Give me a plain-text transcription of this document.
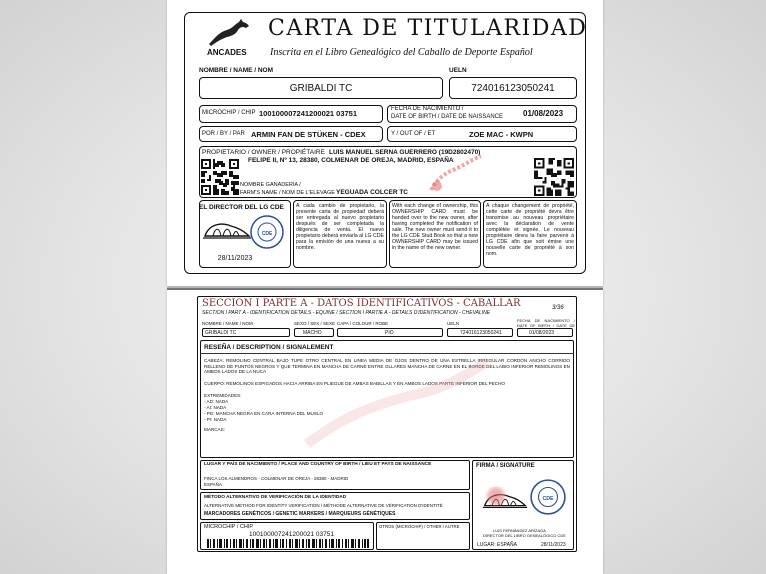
ANCADES
CARTA DE TITULARIDAD
Inscrita en el Libro Genealógico del Caballo de Deporte Español
NOMBRE / NAME / NOM
GRIBALDI TC
UELN
724016123050241
MICROCHIP / CHIP 100100007241200021 03751	FECHA DE NACIMIENTO /
DATE OF BIRTH / DATE DE NAISSANCE 01/08/2023
POR / BY / PAR ARMIN FAN DE STÜKEN - CDEX	Y / OUT OF / ET	ZOE MAC - KWPN
PROPIETARIO / OWNER / PROPIÉTAIRE LUIS MANUEL SERNA GUERRERO (19D2802470)
FELIPE II, Nº 13, 28380, COLMENAR DE OREJA, MADRID, ESPAÑA
NOMBRE GANADERÍA /
FARM'S NAME / NOM DE L'ELEVAGE YEGUADA COLCER TC
EL DIRECTOR DEL LG CDE
CDE
28/11/2023
A cada cambio de propietario, la presente carta de propiedad deberá ser entregada al nuevo propietario después de ser completada la diligencia de venta. El nuevo propietario deberá enviarla al LG CDE para la emisión de una nueva a su nombre.
With each change of ownership, this OWNERSHIP CARD must be handed over to the new owner, after having completed the notification of sale. The new owner must send it to the LG CDE Stud Book so that a new OWNERSHIP CARD may be issued in the name of the new owner.
A chaque changement de propriété, cette carte de propriété devra être transmise au nouveau propriétaire avec la déclaration de vente complétée et signée. Le nouveau propriétaire devra la faire parvenir à LG CDE afin que soit émise une nouvelle carte de propriété à son nom.
SECCION I PARTE A - DATOS IDENTIFICATIVOS - CABALLAR	3/36
SECTION I PART A - IDENTIFICATION DETAILS - EQUINE / SECTION I PARTIE A - DÉTAILS D'IDENTIFICATION - CHEVALINE
NOMBRE / NAME / NOM
GRIBALDI TC
SEXO / SEX / SEXE
MACHO
CAPA / COLOUR / ROBE
PIO
UELN
724016123050241
FECHA DE NACIMIENTO / DATE OF BIRTH / DATE DE
01/08/2023
RESEÑA / DESCRIPTION / SIGNALEMENT
CABEZA: REMOLINO CENTRAL BAJO TUPE OTRO CENTRAL EN LINEA MEDIA DE OJOS DENTRO DE UNA ESTRELLA IRREGULAR CORDON ANCHO CORRIDO RELLENO DE PUNTOS NEGROS Y QUE TERMINA EN MANCHA DE CARNE ENTRE OLLARES MANCHA DE CARNE EN EL BORDE DEL LABIO INFERIOR REMOLINOS EN AMBOS LADOS DE LA NUCA
CUERPO: REMOLINOS ESPIGADOS HACIA ARRIBA EN PLIEGUE DE AMBAS BABILLAS Y EN AMBOS LADOS PARTE INFERIOR DEL PECHO
EXTREMIDADES:
- AD: NADA
- AI: NADA
- PD: MANCHA NEGRA EN CARA INTERNA DEL MUSLO
- PI: NADA
MARCAS:
LUGAR Y PAÍS DE NACIMIENTO / PLACE AND COUNTRY OF BIRTH / LIEU ET PAYS DE NAISSANCE
FINCA LOS ALMENDROS - COLMENAR DE OREJA - 28380 - MADRID
ESPAÑA
MÉTODO ALTERNATIVO DE VERIFICACIÓN DE LA IDENTIDAD
ALTERNATIVE METHOD FOR IDENTITY VERIFICATION / MÉTHODE ALTERNATIVE DE VÉRIFICATION D'IDENTITÉ
MARCADORES GENÉTICOS / GENETIC MARKERS / MARQUEURS GÉNÉTIQUES
MICROCHIP / CHIP
100100007241200021 03751
OTROS (MICROCHIP) / OTHER / AUTRE
FIRMA / SIGNATURE
CDE
LUIS FERNÁNDEZ ARÍZAGA
DIRECTOR DEL LIBRO GENEALÓGICO CDE
LUGAR: ESPAÑA	28/11/2023
